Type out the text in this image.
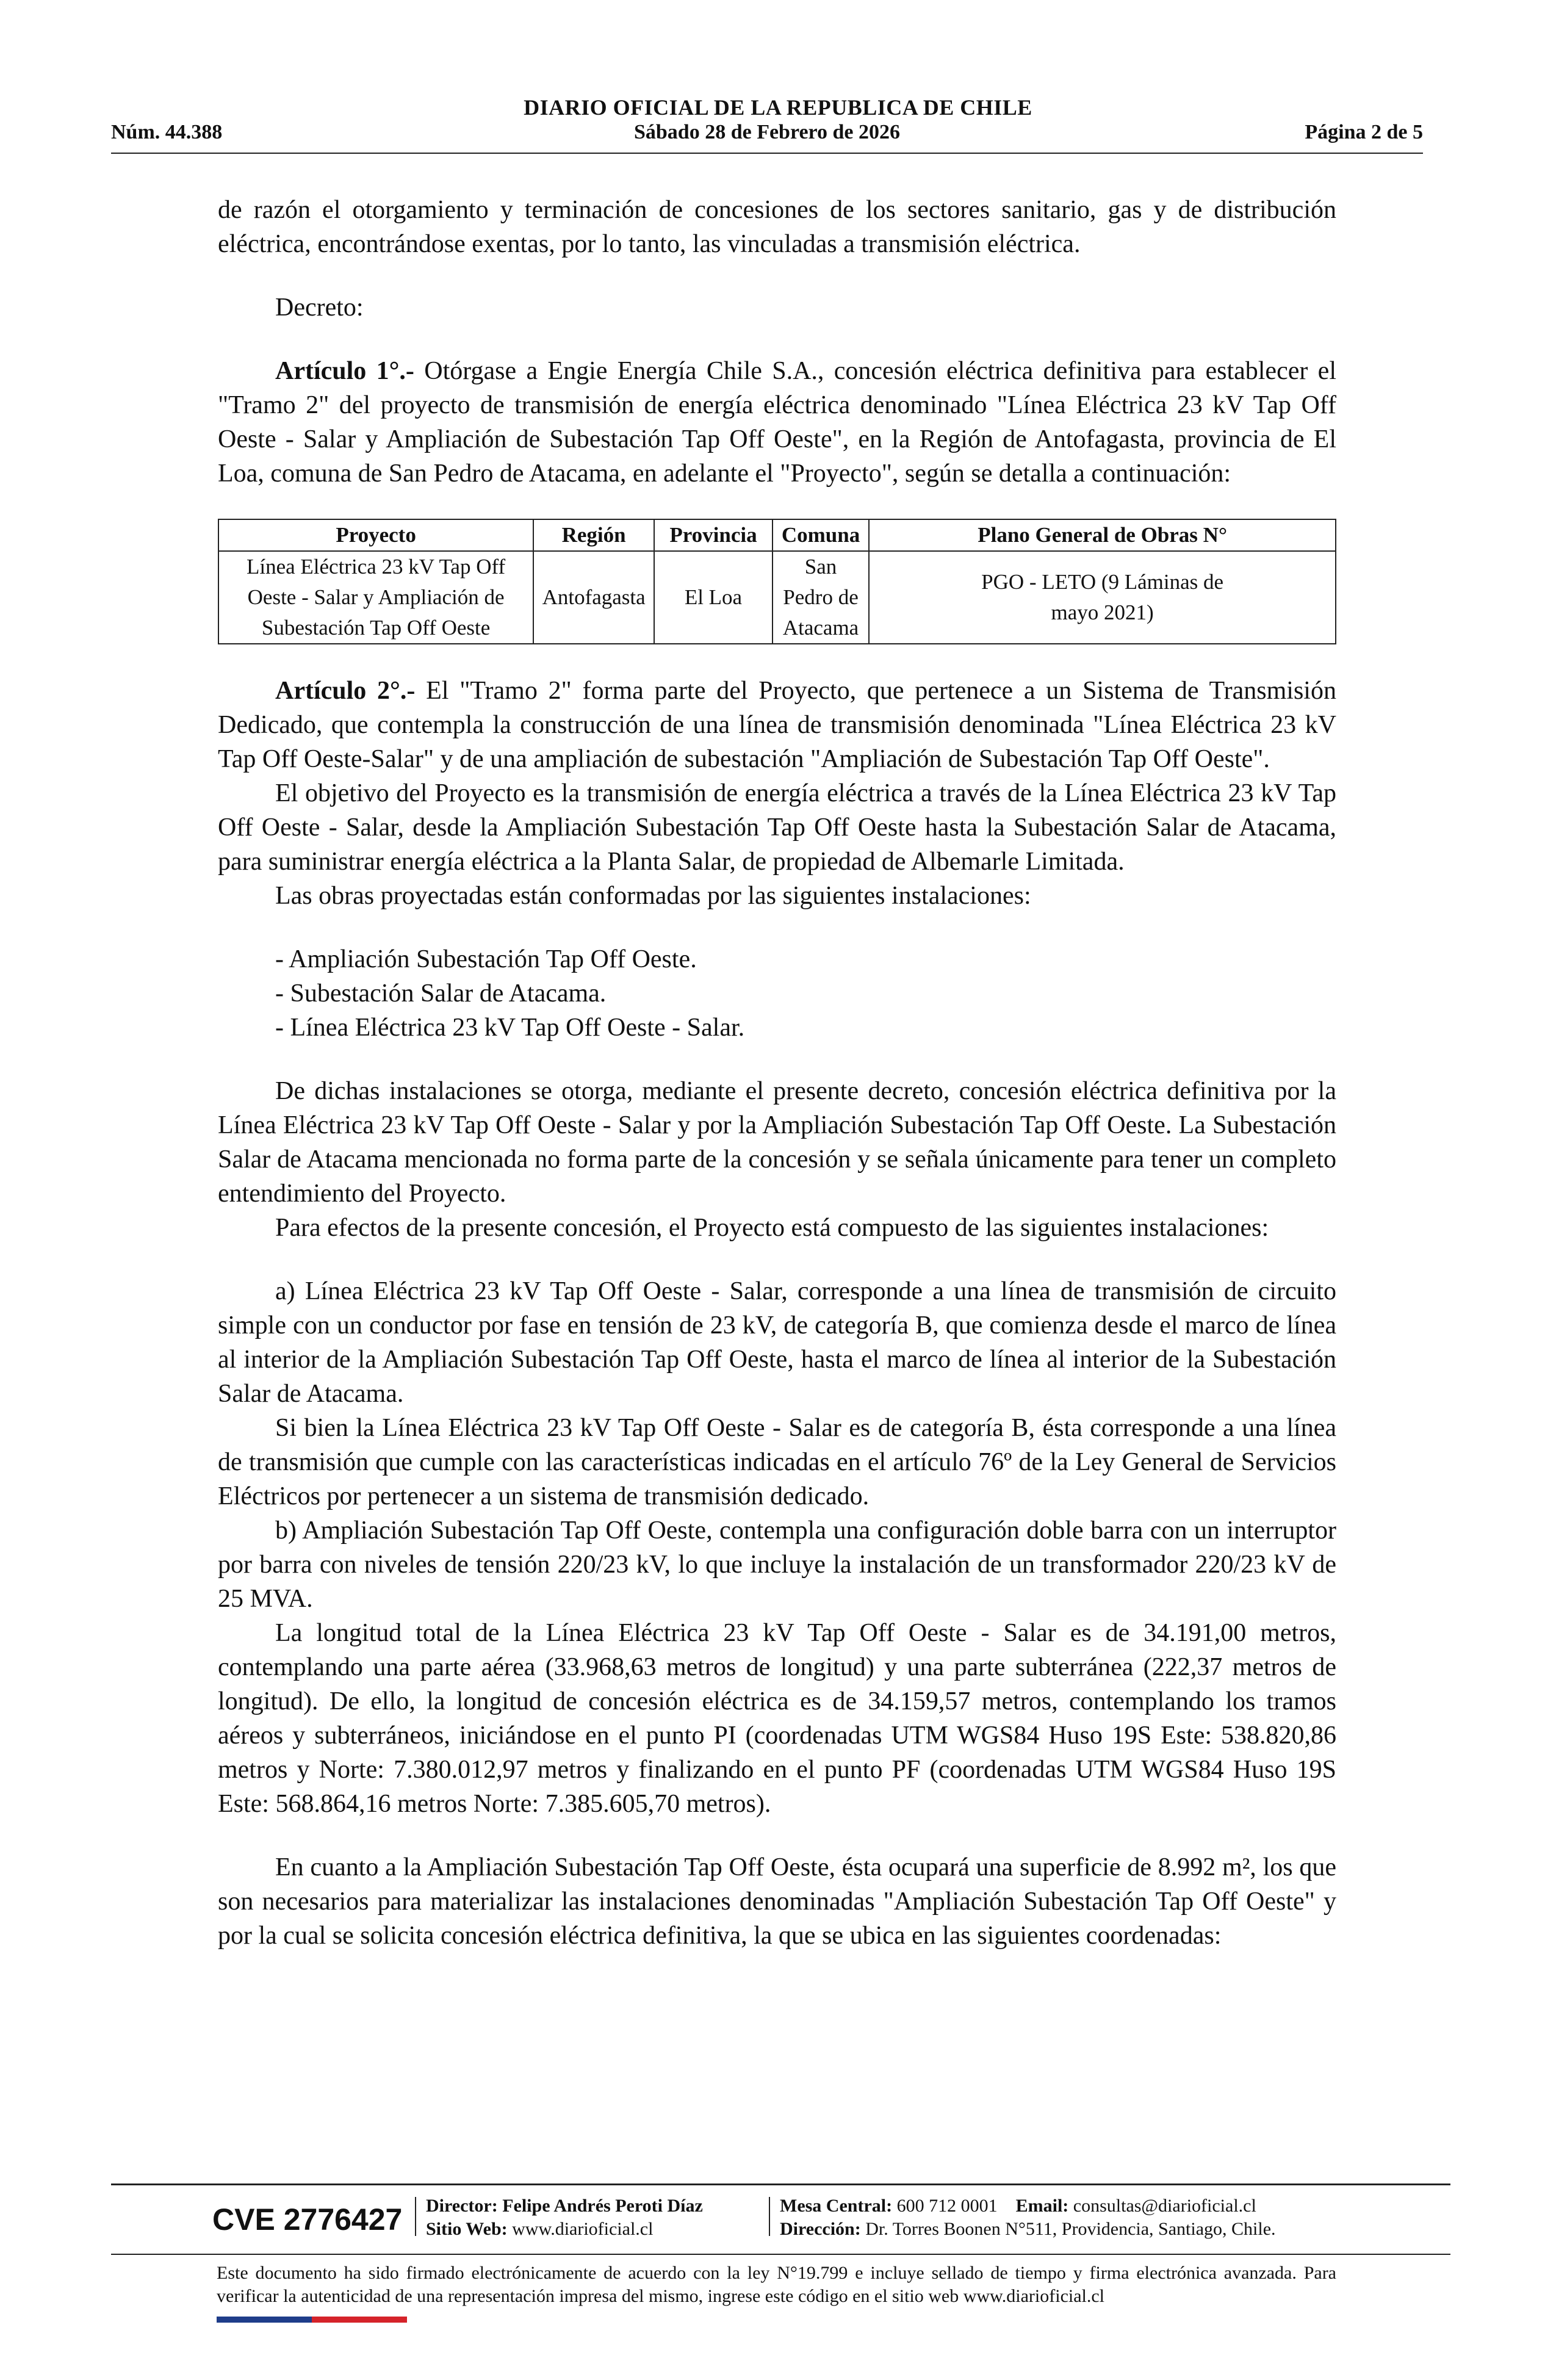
DIARIO OFICIAL DE LA REPUBLICA DE CHILE
Núm. 44.388	Sábado 28 de Febrero de 2026	Página 2 de 5

de razón el otorgamiento y terminación de concesiones de los sectores sanitario, gas y de distribución eléctrica, encontrándose exentas, por lo tanto, las vinculadas a transmisión eléctrica.

Decreto:

Artículo 1°.- Otórgase a Engie Energía Chile S.A., concesión eléctrica definitiva para establecer el "Tramo 2" del proyecto de transmisión de energía eléctrica denominado "Línea Eléctrica 23 kV Tap Off Oeste - Salar y Ampliación de Subestación Tap Off Oeste", en la Región de Antofagasta, provincia de El Loa, comuna de San Pedro de Atacama, en adelante el "Proyecto", según se detalla a continuación:

Proyecto	Región	Provincia	Comuna	Plano General de Obras N°
Línea Eléctrica 23 kV Tap Off Oeste - Salar y Ampliación de Subestación Tap Off Oeste	Antofagasta	El Loa	San Pedro de Atacama	PGO - LETO (9 Láminas de mayo 2021)

Artículo 2°.- El "Tramo 2" forma parte del Proyecto, que pertenece a un Sistema de Transmisión Dedicado, que contempla la construcción de una línea de transmisión denominada "Línea Eléctrica 23 kV Tap Off Oeste-Salar" y de una ampliación de subestación "Ampliación de Subestación Tap Off Oeste".

El objetivo del Proyecto es la transmisión de energía eléctrica a través de la Línea Eléctrica 23 kV Tap Off Oeste - Salar, desde la Ampliación Subestación Tap Off Oeste hasta la Subestación Salar de Atacama, para suministrar energía eléctrica a la Planta Salar, de propiedad de Albemarle Limitada.

Las obras proyectadas están conformadas por las siguientes instalaciones:

- Ampliación Subestación Tap Off Oeste.

- Subestación Salar de Atacama.

- Línea Eléctrica 23 kV Tap Off Oeste - Salar.

De dichas instalaciones se otorga, mediante el presente decreto, concesión eléctrica definitiva por la Línea Eléctrica 23 kV Tap Off Oeste - Salar y por la Ampliación Subestación Tap Off Oeste. La Subestación Salar de Atacama mencionada no forma parte de la concesión y se señala únicamente para tener un completo entendimiento del Proyecto.

Para efectos de la presente concesión, el Proyecto está compuesto de las siguientes instalaciones:

a) Línea Eléctrica 23 kV Tap Off Oeste - Salar, corresponde a una línea de transmisión de circuito simple con un conductor por fase en tensión de 23 kV, de categoría B, que comienza desde el marco de línea al interior de la Ampliación Subestación Tap Off Oeste, hasta el marco de línea al interior de la Subestación Salar de Atacama.

Si bien la Línea Eléctrica 23 kV Tap Off Oeste - Salar es de categoría B, ésta corresponde a una línea de transmisión que cumple con las características indicadas en el artículo 76º de la Ley General de Servicios Eléctricos por pertenecer a un sistema de transmisión dedicado.

b) Ampliación Subestación Tap Off Oeste, contempla una configuración doble barra con un interruptor por barra con niveles de tensión 220/23 kV, lo que incluye la instalación de un transformador 220/23 kV de 25 MVA.

La longitud total de la Línea Eléctrica 23 kV Tap Off Oeste - Salar es de 34.191,00 metros, contemplando una parte aérea (33.968,63 metros de longitud) y una parte subterránea (222,37 metros de longitud). De ello, la longitud de concesión eléctrica es de 34.159,57 metros, contemplando los tramos aéreos y subterráneos, iniciándose en el punto PI (coordenadas UTM WGS84 Huso 19S Este: 538.820,86 metros y Norte: 7.380.012,97 metros y finalizando en el punto PF (coordenadas UTM WGS84 Huso 19S Este: 568.864,16 metros Norte: 7.385.605,70 metros).

En cuanto a la Ampliación Subestación Tap Off Oeste, ésta ocupará una superficie de 8.992 m², los que son necesarios para materializar las instalaciones denominadas "Ampliación Subestación Tap Off Oeste" y por la cual se solicita concesión eléctrica definitiva, la que se ubica en las siguientes coordenadas:

CVE 2776427 Director: Felipe Andrés Peroti Díaz
Sitio Web: www.diarioficial.cl
Mesa Central: 600 712 0001 Email: consultas@diarioficial.cl
Dirección: Dr. Torres Boonen N°511, Providencia, Santiago, Chile.
Este documento ha sido firmado electrónicamente de acuerdo con la ley N°19.799 e incluye sellado de tiempo y firma electrónica avanzada. Para verificar la autenticidad de una representación impresa del mismo, ingrese este código en el sitio web www.diarioficial.cl
